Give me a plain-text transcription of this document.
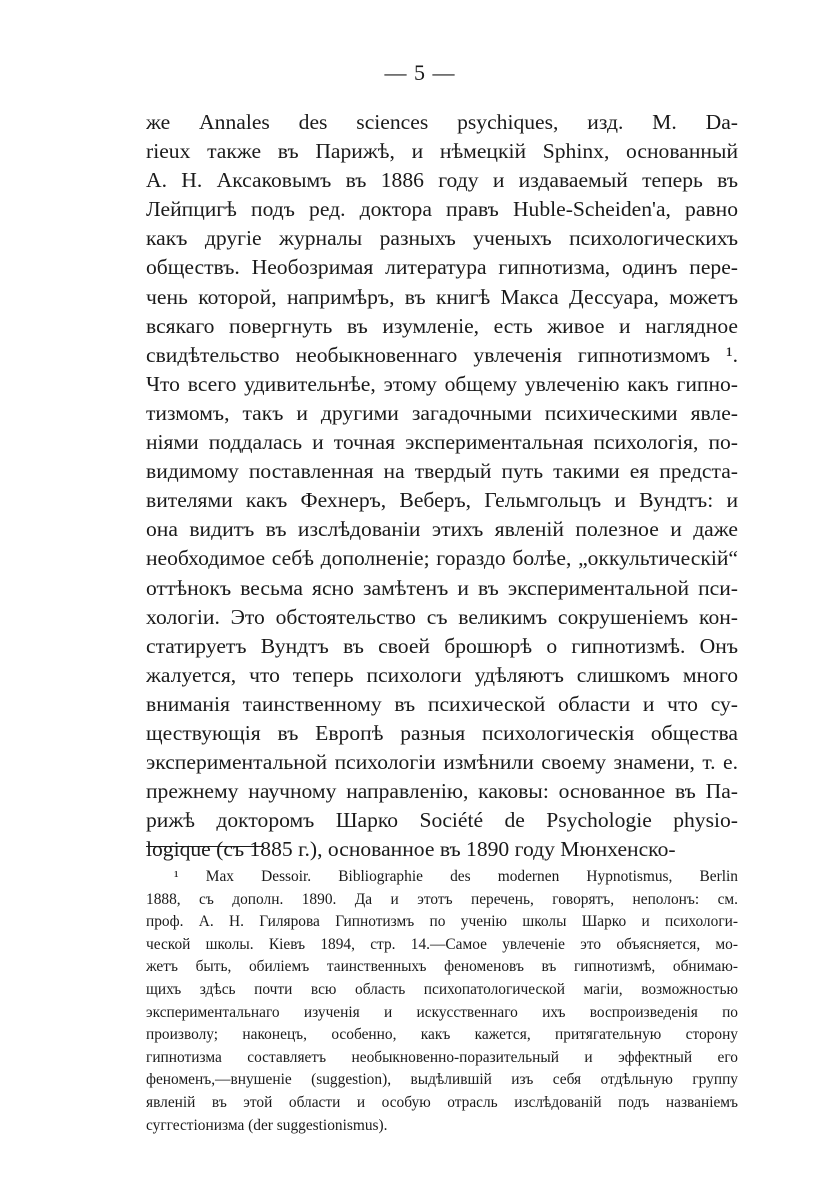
— 5 —
же Annales des sciences psychiques, изд. M. Da-
rieux также въ Парижѣ, и нѣмецкій Sphinx, основанный
А. Н. Аксаковымъ въ 1886 году и издаваемый теперь въ
Лейпцигѣ подъ ред. доктора правъ Huble-Scheiden'a, равно
какъ другіе журналы разныхъ ученыхъ психологическихъ
обществъ. Необозримая литература гипнотизма, одинъ пере-
чень которой, напримѣръ, въ книгѣ Макса Дессуара, можетъ
всякаго повергнуть въ изумленіе, есть живое и наглядное
свидѣтельство необыкновеннаго увлеченія гипнотизмомъ ¹.
Что всего удивительнѣе, этому общему увлеченію какъ гипно-
тизмомъ, такъ и другими загадочными психическими явле-
ніями поддалась и точная экспериментальная психологія, по-
видимому поставленная на твердый путь такими ея предста-
вителями какъ Фехнеръ, Веберъ, Гельмгольцъ и Вундтъ: и
она видитъ въ изслѣдованіи этихъ явленій полезное и даже
необходимое себѣ дополненіе; гораздо болѣе, „оккультическій“
оттѣнокъ весьма ясно замѣтенъ и въ экспериментальной пси-
хологіи. Это обстоятельство съ великимъ сокрушеніемъ кон-
статируетъ Вундтъ въ своей брошюрѣ о гипнотизмѣ. Онъ
жалуется, что теперь психологи удѣляютъ слишкомъ много
вниманія таинственному въ психической области и что су-
ществующія въ Европѣ разныя психологическія общества
экспериментальной психологіи измѣнили своему знамени, т. е.
прежнему научному направленію, каковы: основанное въ Па-
рижѣ докторомъ Шарко Société de Psychologie physio-
logique (съ 1885 г.), основанное въ 1890 году Мюнхенско-
¹ Max Dessoir. Bibliographie des modernen Hypnotismus, Berlin
1888, съ дополн. 1890. Да и этотъ перечень, говорятъ, неполонъ: см.
проф. А. Н. Гилярова Гипнотизмъ по ученію школы Шарко и психологи-
ческой школы. Кіевъ 1894, стр. 14.—Самое увлеченіе это объясняется, мо-
жетъ быть, обиліемъ таинственныхъ феноменовъ въ гипнотизмѣ, обнимаю-
щихъ здѣсь почти всю область психопатологической магіи, возможностью
экспериментальнаго изученія и искусственнаго ихъ воспроизведенія по
произволу; наконецъ, особенно, какъ кажется, притягательную сторону
гипнотизма составляетъ необыкновенно-поразительный и эффектный его
феноменъ,—внушеніе (suggestion), выдѣлившій изъ себя отдѣльную группу
явленій въ этой области и особую отрасль изслѣдованій подъ названіемъ
суггестіонизма (der suggestionismus).
